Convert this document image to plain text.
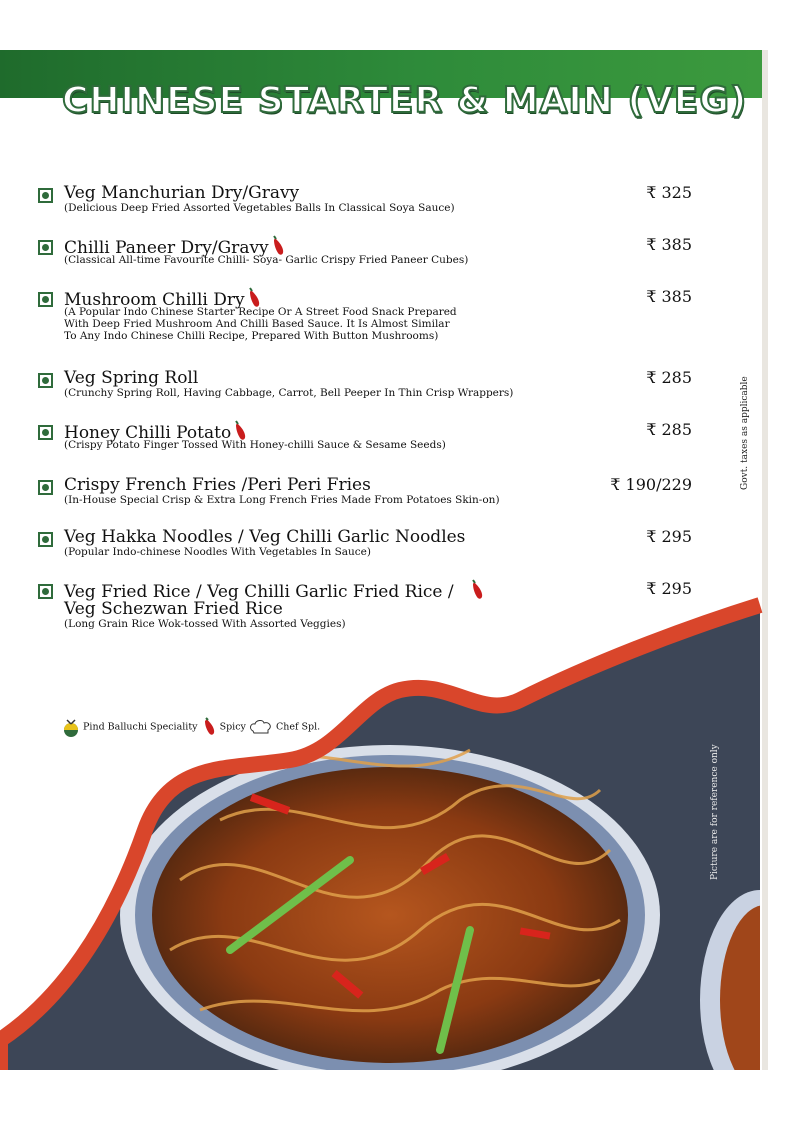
CHINESE STARTER & MAIN (VEG)
Veg Manchurian Dry/Gravy
(Delicious Deep Fried Assorted Vegetables Balls In Classical Soya Sauce)
₹ 325
Chilli Paneer Dry/Gravy
(Classical All-time Favourite Chilli- Soya- Garlic Crispy Fried Paneer Cubes)
₹ 385
Mushroom Chilli Dry
(A Popular Indo Chinese Starter Recipe Or A Street Food Snack Prepared
With Deep Fried Mushroom And Chilli Based Sauce. It Is Almost Similar
To Any Indo Chinese Chilli Recipe, Prepared With Button Mushrooms)
₹ 385
Veg Spring Roll
(Crunchy Spring Roll, Having Cabbage, Carrot, Bell Peeper In Thin Crisp Wrappers)
₹ 285
Honey Chilli Potato
(Crispy Potato Finger Tossed With Honey-chilli Sauce & Sesame Seeds)
₹ 285
Crispy French Fries /Peri Peri Fries
(In-House Special Crisp & Extra Long French Fries Made From Potatoes Skin-on)
₹ 190/229
Veg Hakka Noodles / Veg Chilli Garlic Noodles
(Popular Indo-chinese Noodles With Vegetables In Sauce)
₹ 295
Veg Fried Rice / Veg Chilli Garlic Fried Rice /
Veg Schezwan Fried Rice
(Long Grain Rice Wok-tossed With Assorted Veggies)
₹ 295
Govt. taxes as applicable
Picture are for reference only
Pind Balluchi Speciality Spicy	Chef Spl.
